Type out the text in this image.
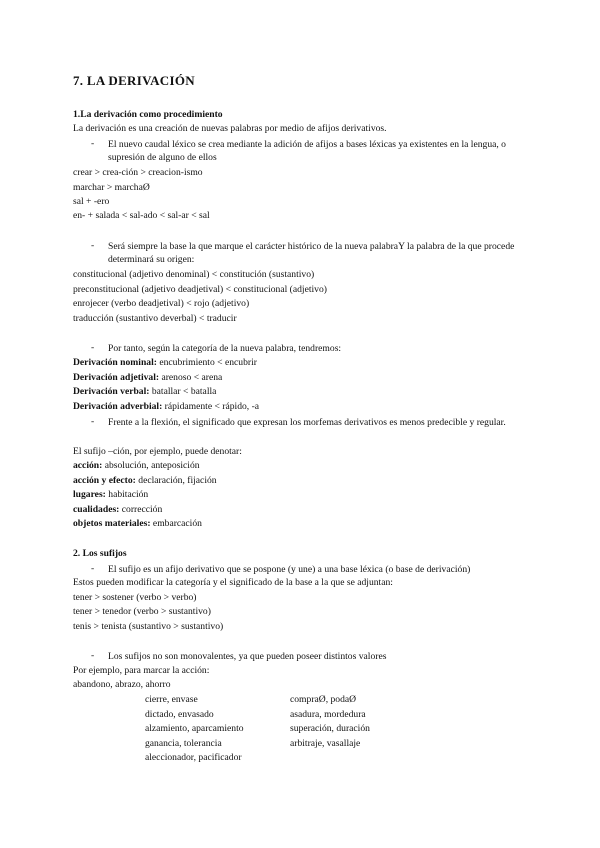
7. LA DERIVACIÓN
1.La derivación como procedimiento
La derivación es una creación de nuevas palabras por medio de afijos derivativos.
- El nuevo caudal léxico se crea mediante la adición de afijos a bases léxicas ya existentes en la lengua, o supresión de alguno de ellos
crear > crea-ción > creacion-ismo
marchar > marchaØ
sal + -ero
en- + salada < sal-ado < sal-ar < sal
- Será siempre la base la que marque el carácter histórico de la nueva palabraY la palabra de la que procede determinará su origen:
constitucional (adjetivo denominal) < constitución (sustantivo)
preconstitucional (adjetivo deadjetival) < constitucional (adjetivo)
enrojecer (verbo deadjetival) < rojo (adjetivo)
traducción (sustantivo deverbal) < traducir
- Por tanto, según la categoría de la nueva palabra, tendremos:
Derivación nominal: encubrimiento < encubrir
Derivación adjetival: arenoso < arena
Derivación verbal: batallar < batalla
Derivación adverbial: rápidamente < rápido, -a
- Frente a la flexión, el significado que expresan los morfemas derivativos es menos predecible y regular.
El sufijo –ción, por ejemplo, puede denotar:
acción: absolución, anteposición
acción y efecto: declaración, fijación
lugares: habitación
cualidades: corrección
objetos materiales: embarcación
2. Los sufijos
- El sufijo es un afijo derivativo que se pospone (y une) a una base léxica (o base de derivación)
Estos pueden modificar la categoría y el significado de la base a la que se adjuntan:
tener > sostener (verbo > verbo)
tener > tenedor (verbo > sustantivo)
tenis > tenista (sustantivo > sustantivo)
- Los sufijos no son monovalentes, ya que pueden poseer distintos valores
Por ejemplo, para marcar la acción:
abandono, abrazo, ahorro
cierre, envase
dictado, envasado
alzamiento, aparcamiento
ganancia, tolerancia
aleccionador, pacificador
compraØ, podaØ
asadura, mordedura
superación, duración
arbitraje, vasallaje
